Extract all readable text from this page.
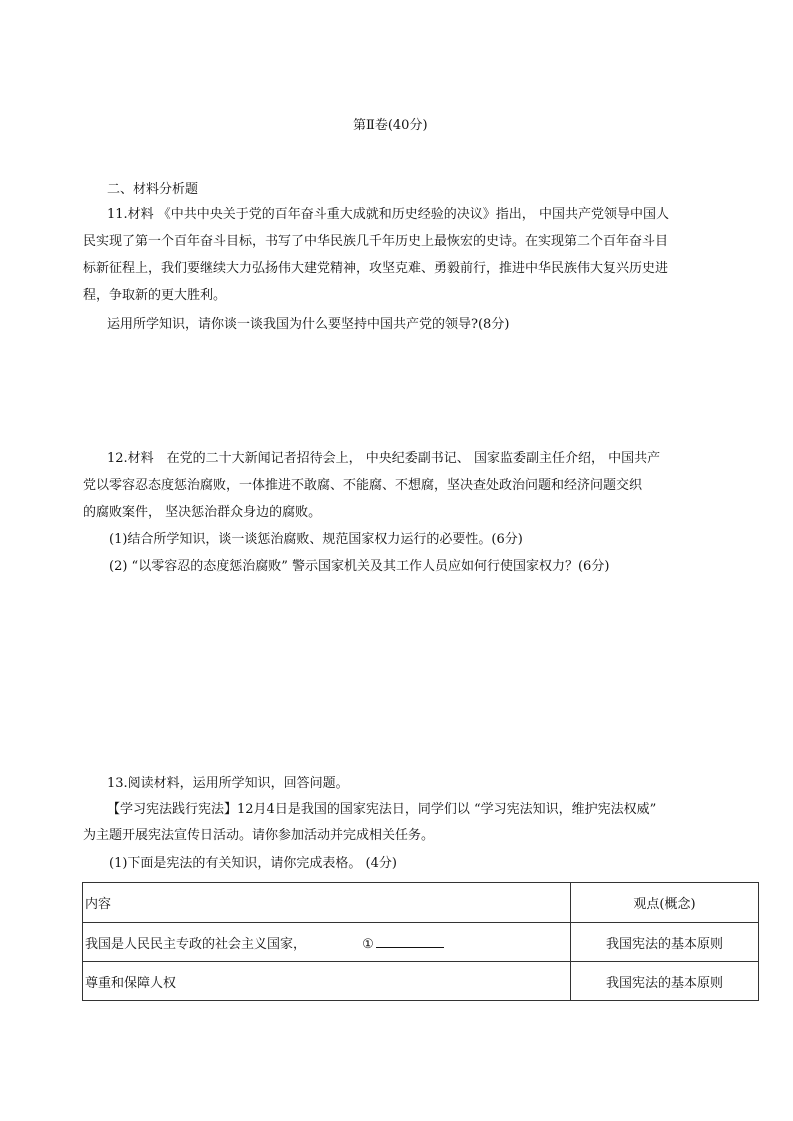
第Ⅱ卷(40分)
二、材料分析题
11.材料 《中共中央关于党的百年奋斗重大成就和历史经验的决议》指出， 中国共产党领导中国人
民实现了第一个百年奋斗目标，书写了中华民族几千年历史上最恢宏的史诗。在实现第二个百年奋斗目
标新征程上，我们要继续大力弘扬伟大建党精神，攻坚克难、勇毅前行，推进中华民族伟大复兴历史进
程，争取新的更大胜利。
运用所学知识，请你谈一谈我国为什么要坚持中国共产党的领导?(8分)
12.材料　在党的二十大新闻记者招待会上， 中央纪委副书记、 国家监委副主任介绍， 中国共产
党以零容忍态度惩治腐败，一体推进不敢腐、不能腐、不想腐，坚决查处政治问题和经济问题交织
的腐败案件， 坚决惩治群众身边的腐败。
(1)结合所学知识，谈一谈惩治腐败、规范国家权力运行的必要性。(6分)
(2) “以零容忍的态度惩治腐败” 警示国家机关及其工作人员应如何行使国家权力？(6分)
13.阅读材料，运用所学知识，回答问题。
【学习宪法践行宪法】12月4日是我国的国家宪法日，同学们以 “学习宪法知识，维护宪法权威”
为主题开展宪法宣传日活动。请你参加活动并完成相关任务。
(1)下面是宪法的有关知识，请你完成表格。 (4分)
内容	观点(概念)
我国是人民民主专政的社会主义国家， ①	我国宪法的基本原则
尊重和保障人权	我国宪法的基本原则
